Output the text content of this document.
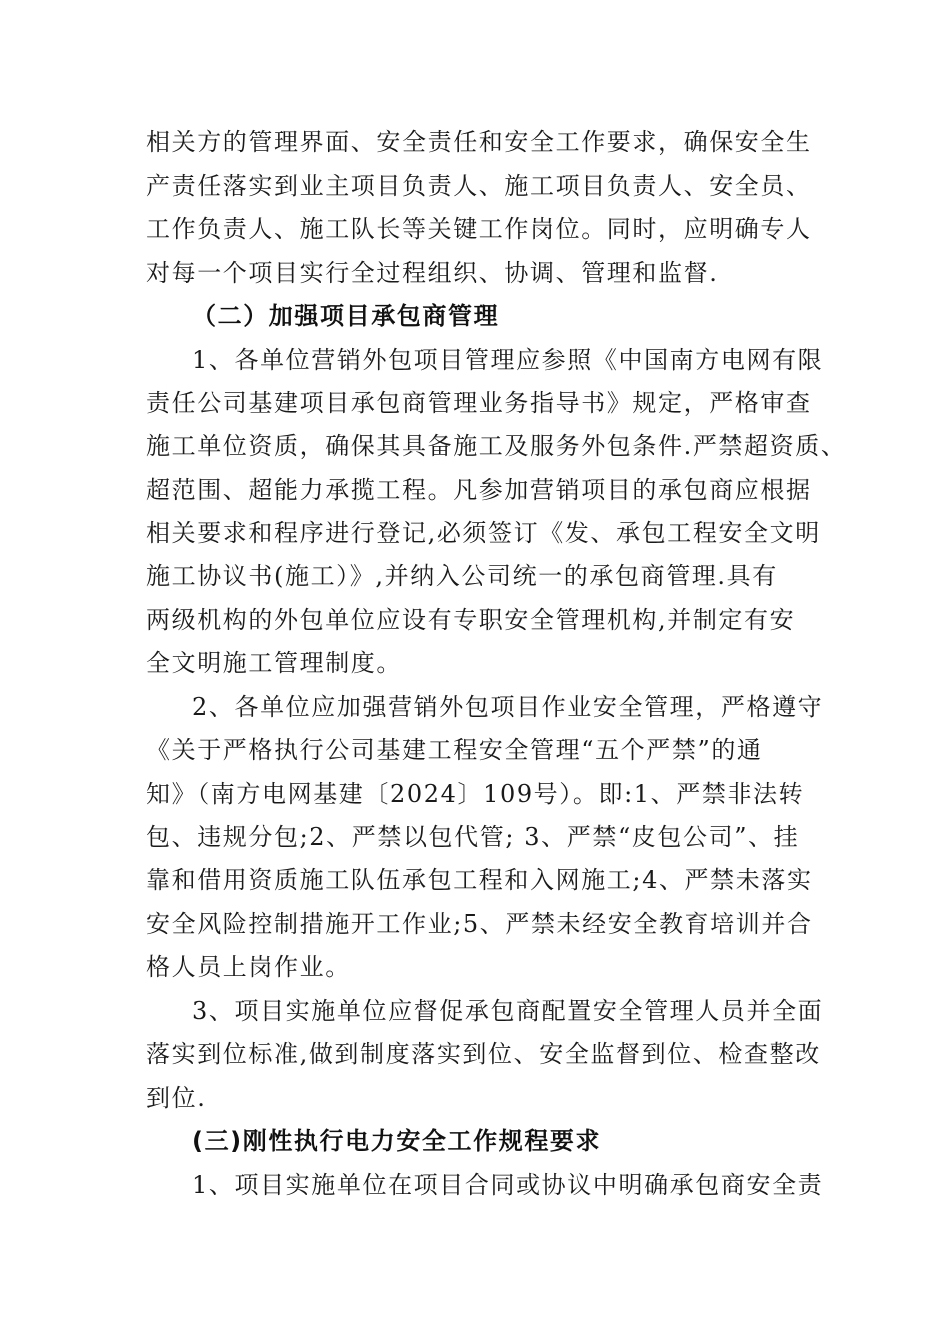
相关方的管理界面、安全责任和安全工作要求，确保安全生
产责任落实到业主项目负责人、施工项目负责人、安全员、
工作负责人、施工队长等关键工作岗位。同时，应明确专人
对每一个项目实行全过程组织、协调、管理和监督.
（二）加强项目承包商管理
1、各单位营销外包项目管理应参照《中国南方电网有限
责任公司基建项目承包商管理业务指导书》规定，严格审查
施工单位资质，确保其具备施工及服务外包条件.严禁超资质、
超范围、超能力承揽工程。凡参加营销项目的承包商应根据
相关要求和程序进行登记,必须签订《发、承包工程安全文明
施工协议书(施工）》,并纳入公司统一的承包商管理.具有
两级机构的外包单位应设有专职安全管理机构,并制定有安
全文明施工管理制度。
2、各单位应加强营销外包项目作业安全管理，严格遵守
《关于严格执行公司基建工程安全管理“五个严禁”的通
知》（南方电网基建〔2024〕109号）。即:1、严禁非法转
包、违规分包;2、严禁以包代管; 3、严禁“皮包公司”、挂
靠和借用资质施工队伍承包工程和入网施工;4、严禁未落实
安全风险控制措施开工作业;5、严禁未经安全教育培训并合
格人员上岗作业。
3、项目实施单位应督促承包商配置安全管理人员并全面
落实到位标准,做到制度落实到位、安全监督到位、检查整改
到位.
(三)刚性执行电力安全工作规程要求
1、项目实施单位在项目合同或协议中明确承包商安全责
